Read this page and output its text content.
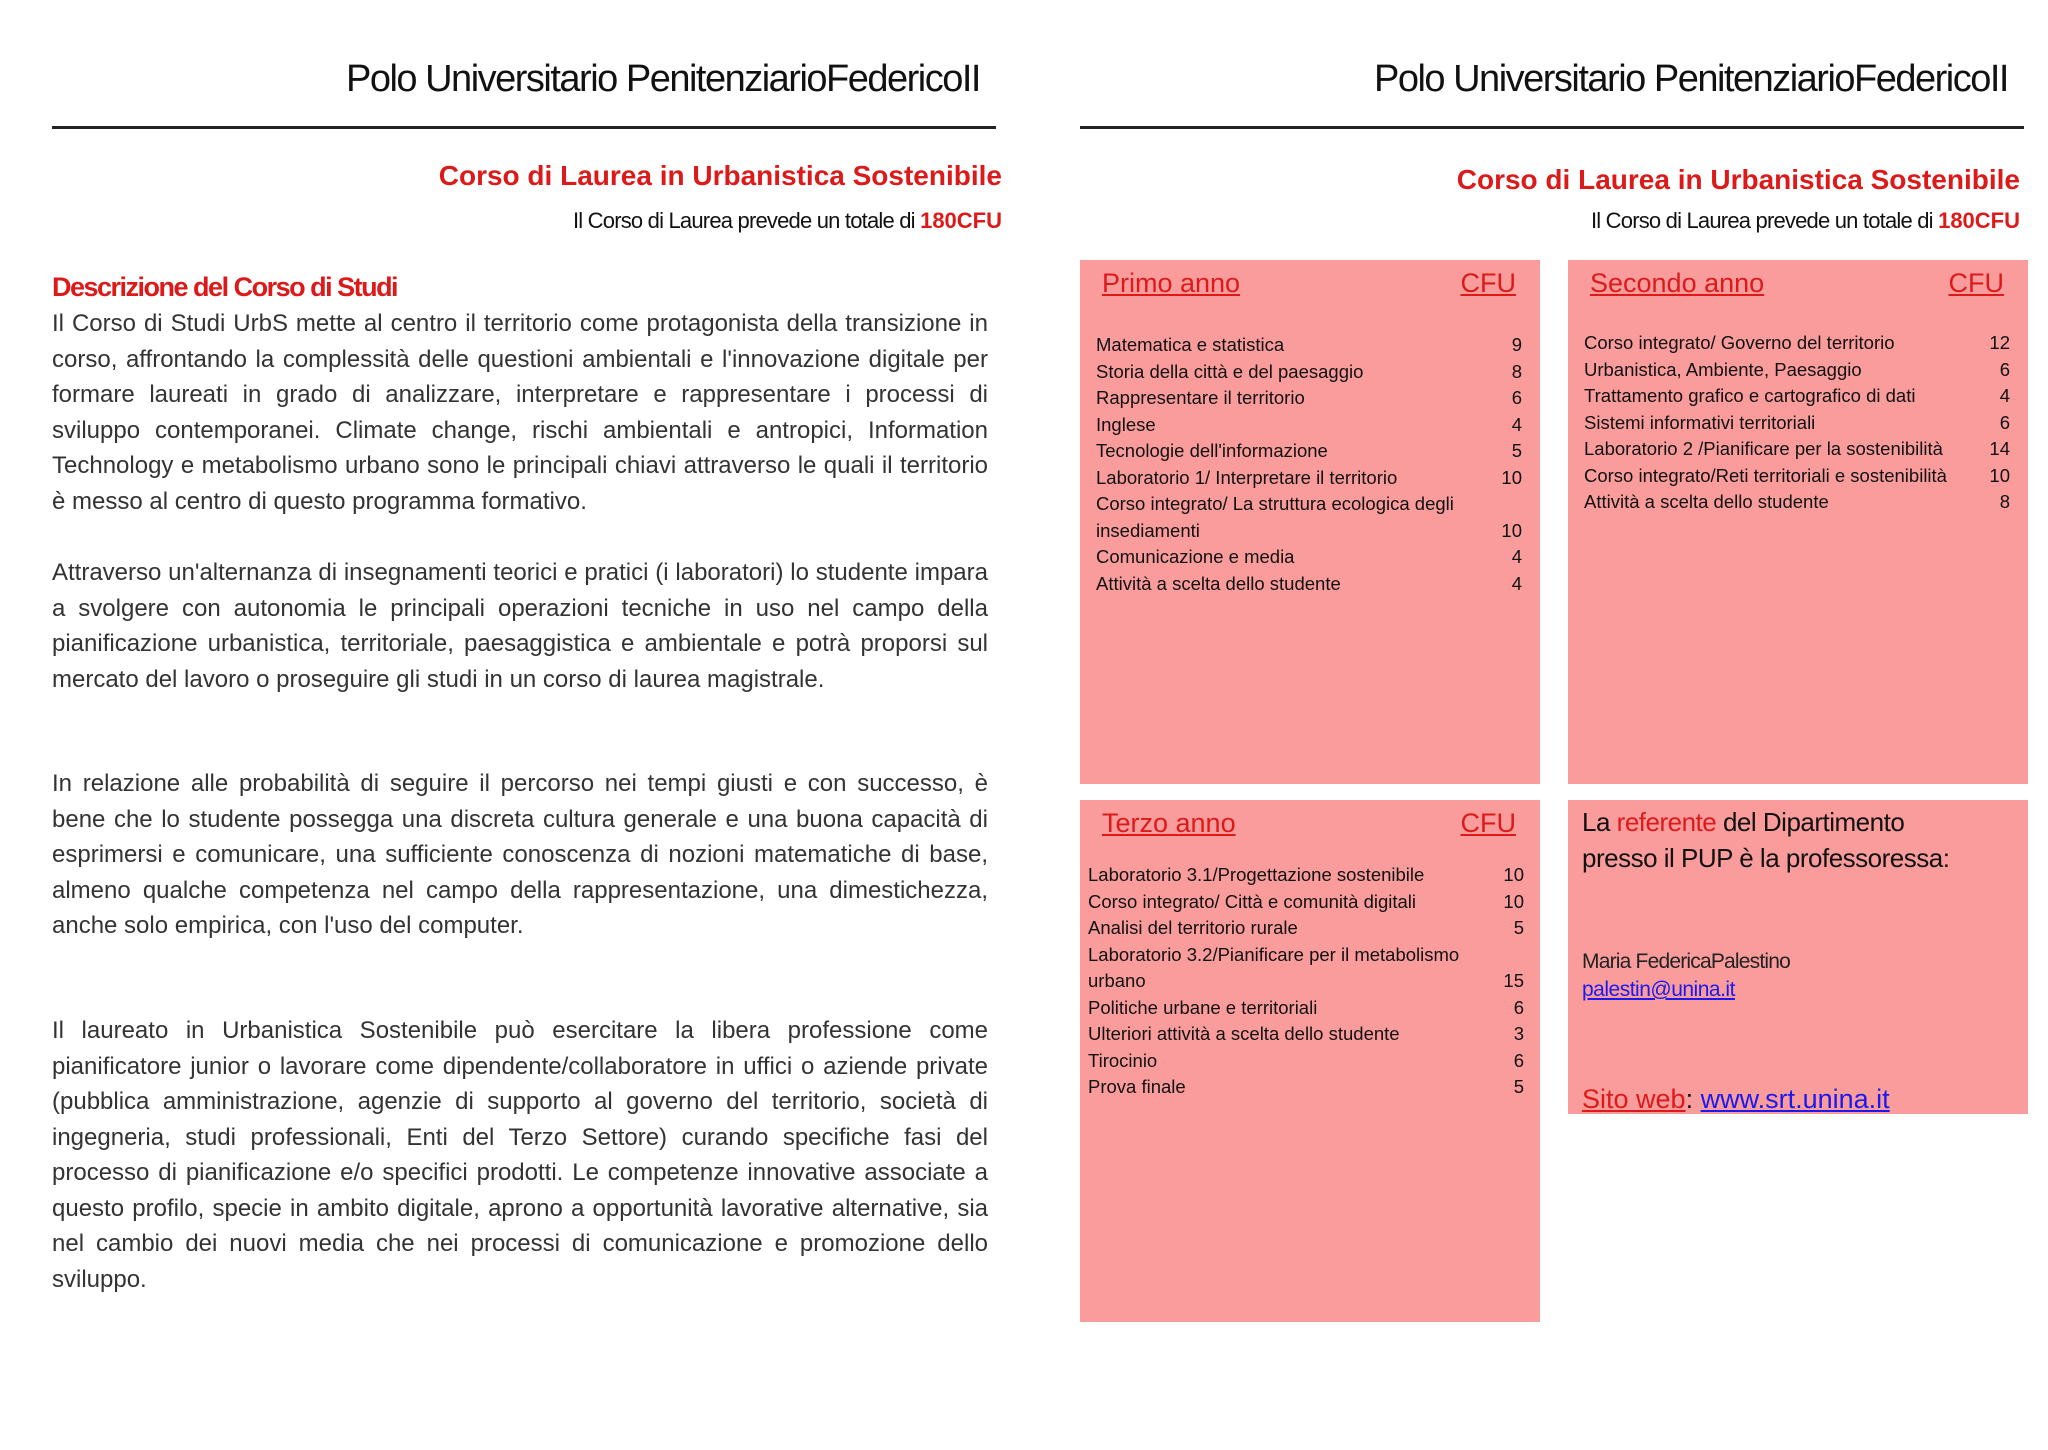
Polo Universitario PenitenziarioFedericoII
Corso di Laurea in Urbanistica Sostenibile
Il Corso di Laurea prevede un totale di 180CFU
Descrizione del Corso di Studi
Il Corso di Studi UrbS mette al centro il territorio come protagonista della transizione in corso, affrontando la complessità delle questioni ambientali e l'innovazione digitale per formare laureati in grado di analizzare, interpretare e rappresentare i processi di sviluppo contemporanei. Climate change, rischi ambientali e antropici, Information Technology e metabolismo urbano sono le principali chiavi attraverso le quali il territorio è messo al centro di questo programma formativo.
Attraverso un'alternanza di insegnamenti teorici e pratici (i laboratori) lo studente impara a svolgere con autonomia le principali operazioni tecniche in uso nel campo della pianificazione urbanistica, territoriale, paesaggistica e ambientale e potrà proporsi sul mercato del lavoro o proseguire gli studi in un corso di laurea magistrale.
In relazione alle probabilità di seguire il percorso nei tempi giusti e con successo, è bene che lo studente possegga una discreta cultura generale e una buona capacità di esprimersi e comunicare, una sufficiente conoscenza di nozioni matematiche di base, almeno qualche competenza nel campo della rappresentazione, una dimestichezza, anche solo empirica, con l'uso del computer.
Il laureato in Urbanistica Sostenibile può esercitare la libera professione come pianificatore junior o lavorare come dipendente/collaboratore in uffici o aziende private (pubblica amministrazione, agenzie di supporto al governo del territorio, società di ingegneria, studi professionali, Enti del Terzo Settore) curando specifiche fasi del processo di pianificazione e/o specifici prodotti. Le competenze innovative associate a questo profilo, specie in ambito digitale, aprono a opportunità lavorative alternative, sia nel cambio dei nuovi media che nei processi di comunicazione e promozione dello sviluppo.
Polo Universitario PenitenziarioFedericoII
Corso di Laurea in Urbanistica Sostenibile
Il Corso di Laurea prevede un totale di 180CFU
Primo anno	CFU
Matematica e statistica	9
Storia della città e del paesaggio	8
Rappresentare il territorio	6
Inglese	4
Tecnologie dell'informazione	5
Laboratorio 1/ Interpretare il territorio	10
Corso integrato/ La struttura ecologica degli insediamenti	10
Comunicazione e media	4
Attività a scelta dello studente	4
Secondo anno	CFU
Corso integrato/ Governo del territorio	12
Urbanistica, Ambiente, Paesaggio	6
Trattamento grafico e cartografico di dati	4
Sistemi informativi territoriali	6
Laboratorio 2 /Pianificare per la sostenibilità	14
Corso integrato/Reti territoriali e sostenibilità	10
Attività a scelta dello studente	8
Terzo anno	CFU
Laboratorio 3.1/Progettazione sostenibile	10
Corso integrato/ Città e comunità digitali	10
Analisi del territorio rurale	5
Laboratorio 3.2/Pianificare per il metabolismo urbano	15
Politiche urbane e territoriali	6
Ulteriori attività a scelta dello studente	3
Tirocinio	6
Prova finale	5
La referente del Dipartimento presso il PUP è la professoressa:
Maria FedericaPalestino
palestin@unina.it
Sito web: www.srt.unina.it
